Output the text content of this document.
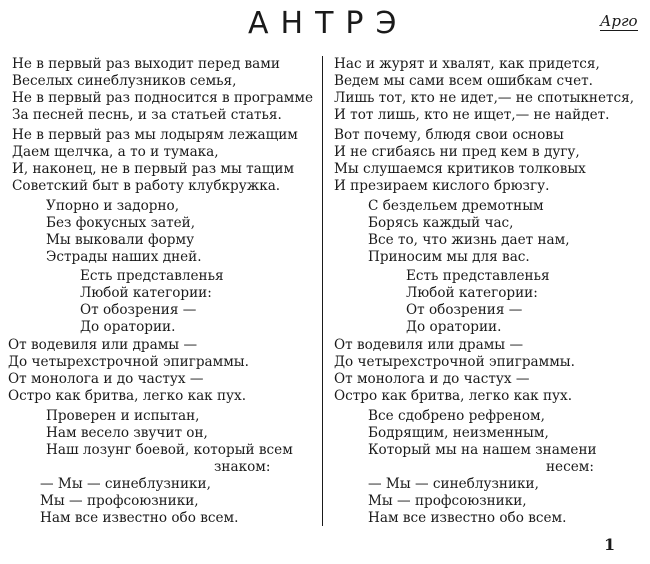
АНТРЭ	Арго
Не в первый раз выходит перед вами
Веселых синеблузников семья,
Не в первый раз подносится в программе
За песней песнь, и за статьей статья.
Не в первый раз мы лодырям лежащим
Даем щелчка, а то и тумака,
И, наконец, не в первый раз мы тащим
Советский быт в работу клубкружка.
Упорно и задорно,
Без фокусных затей,
Мы выковали форму
Эстрады наших дней.
Есть представленья
Любой категории:
От обозрения —
До оратории.
От водевиля или драмы —
До четырехстрочной эпиграммы.
От монолога и до частух —
Остро как бритва, легко как пух.
Проверен и испытан,
Нам весело звучит он,
Наш лозунг боевой, который всем
знаком:
— Мы — синеблузники,
Мы — профсоюзники,
Нам все известно обо всем.
Нас и журят и хвалят, как придется,
Ведем мы сами всем ошибкам счет.
Лишь тот, кто не идет,— не спотыкнется,
И тот лишь, кто не ищет,— не найдет.
Вот почему, блюдя свои основы
И не сгибаясь ни пред кем в дугу,
Мы слушаемся критиков толковых
И презираем кислого брюзгу.
С бездельем дремотным
Борясь каждый час,
Все то, что жизнь дает нам,
Приносим мы для вас.
Есть представленья
Любой категории:
От обозрения —
До оратории.
От водевиля или драмы —
До четырехстрочной эпиграммы.
От монолога и до частух —
Остро как бритва, легко как пух.
Все сдобрено рефреном,
Бодрящим, неизменным,
Который мы на нашем знамени
несем:
— Мы — синеблузники,
Мы — профсоюзники,
Нам все известно обо всем.
1
